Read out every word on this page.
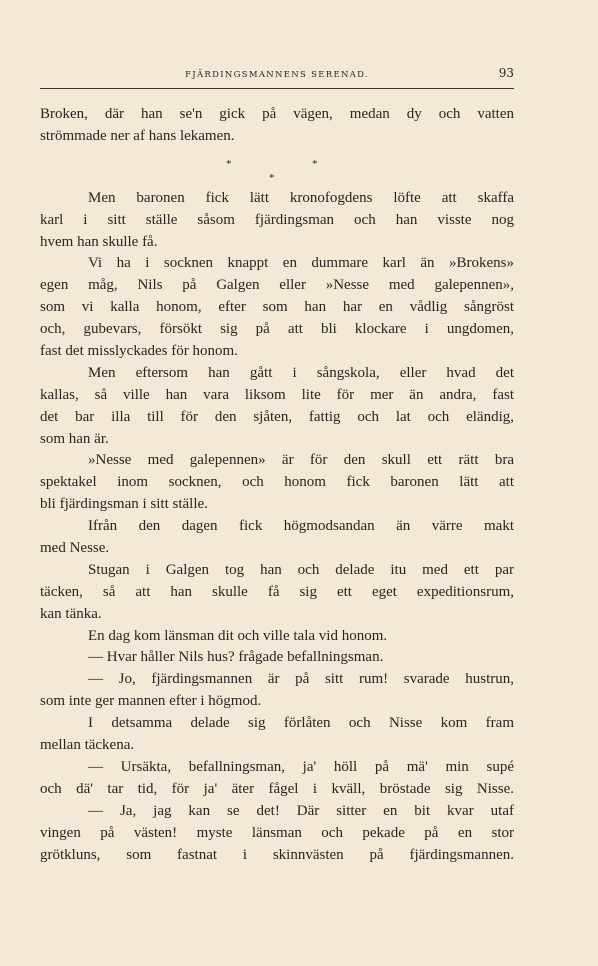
FJÄRDINGSMANNENS SERENAD.	93
Broken, där han se'n gick på vägen, medan dy och vatten
strömmade ner af hans lekamen.
*	*
*
Men baronen fick lätt kronofogdens löfte att skaffa
karl i sitt ställe såsom fjärdingsman och han visste nog
hvem han skulle få.
Vi ha i socknen knappt en dummare karl än »Brokens»
egen måg, Nils på Galgen eller »Nesse med galepennen»,
som vi kalla honom, efter som han har en vådlig sångröst
och, gubevars, försökt sig på att bli klockare i ungdomen,
fast det misslyckades för honom.
Men eftersom han gått i sångskola, eller hvad det
kallas, så ville han vara liksom lite för mer än andra, fast
det bar illa till för den sjåten, fattig och lat och eländig,
som han är.
»Nesse med galepennen» är för den skull ett rätt bra
spektakel inom socknen, och honom fick baronen lätt att
bli fjärdingsman i sitt ställe.
Ifrån den dagen fick högmodsandan än värre makt
med Nesse.
Stugan i Galgen tog han och delade itu med ett par
täcken, så att han skulle få sig ett eget expeditionsrum,
kan tänka.
En dag kom länsman dit och ville tala vid honom.
— Hvar håller Nils hus? frågade befallningsman.
— Jo, fjärdingsmannen är på sitt rum! svarade hustrun,
som inte ger mannen efter i högmod.
I detsamma delade sig förlåten och Nisse kom fram
mellan täckena.
— Ursäkta, befallningsman, ja' höll på mä' min supé
och dä' tar tid, för ja' äter fågel i kväll, bröstade sig Nisse.
— Ja, jag kan se det! Där sitter en bit kvar utaf
vingen på västen! myste länsman och pekade på en stor
grötkluns, som fastnat i skinnvästen på fjärdingsmannen.
